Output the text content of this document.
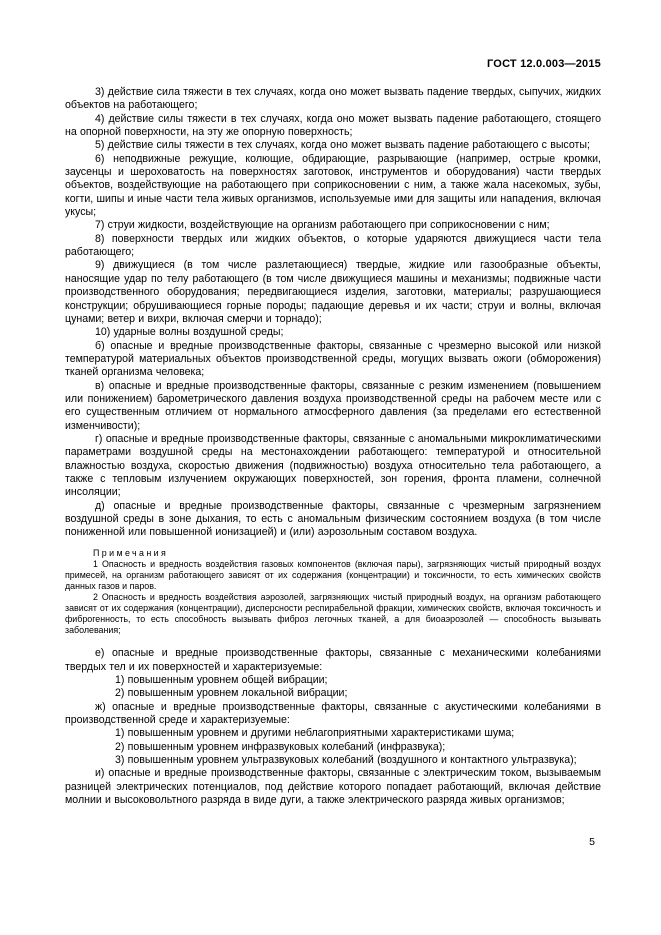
ГОСТ 12.0.003—2015

3) действие сила тяжести в тех случаях, когда оно может вызвать падение твердых, сыпучих, жидких объектов на работающего;

4) действие силы тяжести в тех случаях, когда оно может вызвать падение работающего, стоящего на опорной поверхности, на эту же опорную поверхность;

5) действие силы тяжести в тех случаях, когда оно может вызвать падение работающего с высоты;

6) неподвижные режущие, колющие, обдирающие, разрывающие (например, острые кромки, заусенцы и шероховатость на поверхностях заготовок, инструментов и оборудования) части твердых объектов, воздействующие на работающего при соприкосновении с ним, а также жала насекомых, зубы, когти, шипы и иные части тела живых организмов, используемые ими для защиты или нападения, включая укусы;

7) струи жидкости, воздействующие на организм работающего при соприкосновении с ним;

8) поверхности твердых или жидких объектов, о которые ударяются движущиеся части тела работающего;

9) движущиеся (в том числе разлетающиеся) твердые, жидкие или газообразные объекты, наносящие удар по телу работающего (в том числе движущиеся машины и механизмы; подвижные части производственного оборудования; передвигающиеся изделия, заготовки, материалы; разрушающиеся конструкции; обрушивающиеся горные породы; падающие деревья и их части; струи и волны, включая цунами; ветер и вихри, включая смерчи и торнадо);

10) ударные волны воздушной среды;

б) опасные и вредные производственные факторы, связанные с чрезмерно высокой или низкой температурой материальных объектов производственной среды, могущих вызвать ожоги (обморожения) тканей организма человека;

в) опасные и вредные производственные факторы, связанные с резким изменением (повышением или понижением) барометрического давления воздуха производственной среды на рабочем месте или с его существенным отличием от нормального атмосферного давления (за пределами его естественной изменчивости);

г) опасные и вредные производственные факторы, связанные с аномальными микроклиматическими параметрами воздушной среды на местонахождении работающего: температурой и относительной влажностью воздуха, скоростью движения (подвижностью) воздуха относительно тела работающего, а также с тепловым излучением окружающих поверхностей, зон горения, фронта пламени, солнечной инсоляции;

д) опасные и вредные производственные факторы, связанные с чрезмерным загрязнением воздушной среды в зоне дыхания, то есть с аномальным физическим состоянием воздуха (в том числе пониженной или повышенной ионизацией) и (или) аэрозольным составом воздуха.

Примечания

1 Опасность и вредность воздействия газовых компонентов (включая пары), загрязняющих чистый природный воздух примесей, на организм работающего зависят от их содержания (концентрации) и токсичности, то есть химических свойств данных газов и паров.

2 Опасность и вредность воздействия аэрозолей, загрязняющих чистый природный воздух, на организм работающего зависят от их содержания (концентрации), дисперсности респирабельной фракции, химических свойств, включая токсичность и фиброгенность, то есть способность вызывать фиброз легочных тканей, а для биоаэрозолей — способность вызывать заболевания;

е) опасные и вредные производственные факторы, связанные с механическими колебаниями твердых тел и их поверхностей и характеризуемые:

1) повышенным уровнем общей вибрации;

2) повышенным уровнем локальной вибрации;

ж) опасные и вредные производственные факторы, связанные с акустическими колебаниями в производственной среде и характеризуемые:

1) повышенным уровнем и другими неблагоприятными характеристиками шума;

2) повышенным уровнем инфразвуковых колебаний (инфразвука);

3) повышенным уровнем ультразвуковых колебаний (воздушного и контактного ультразвука);

и) опасные и вредные производственные факторы, связанные с электрическим током, вызываемым разницей электрических потенциалов, под действие которого попадает работающий, включая действие молнии и высоковольтного разряда в виде дуги, а также электрического разряда живых организмов;

5
